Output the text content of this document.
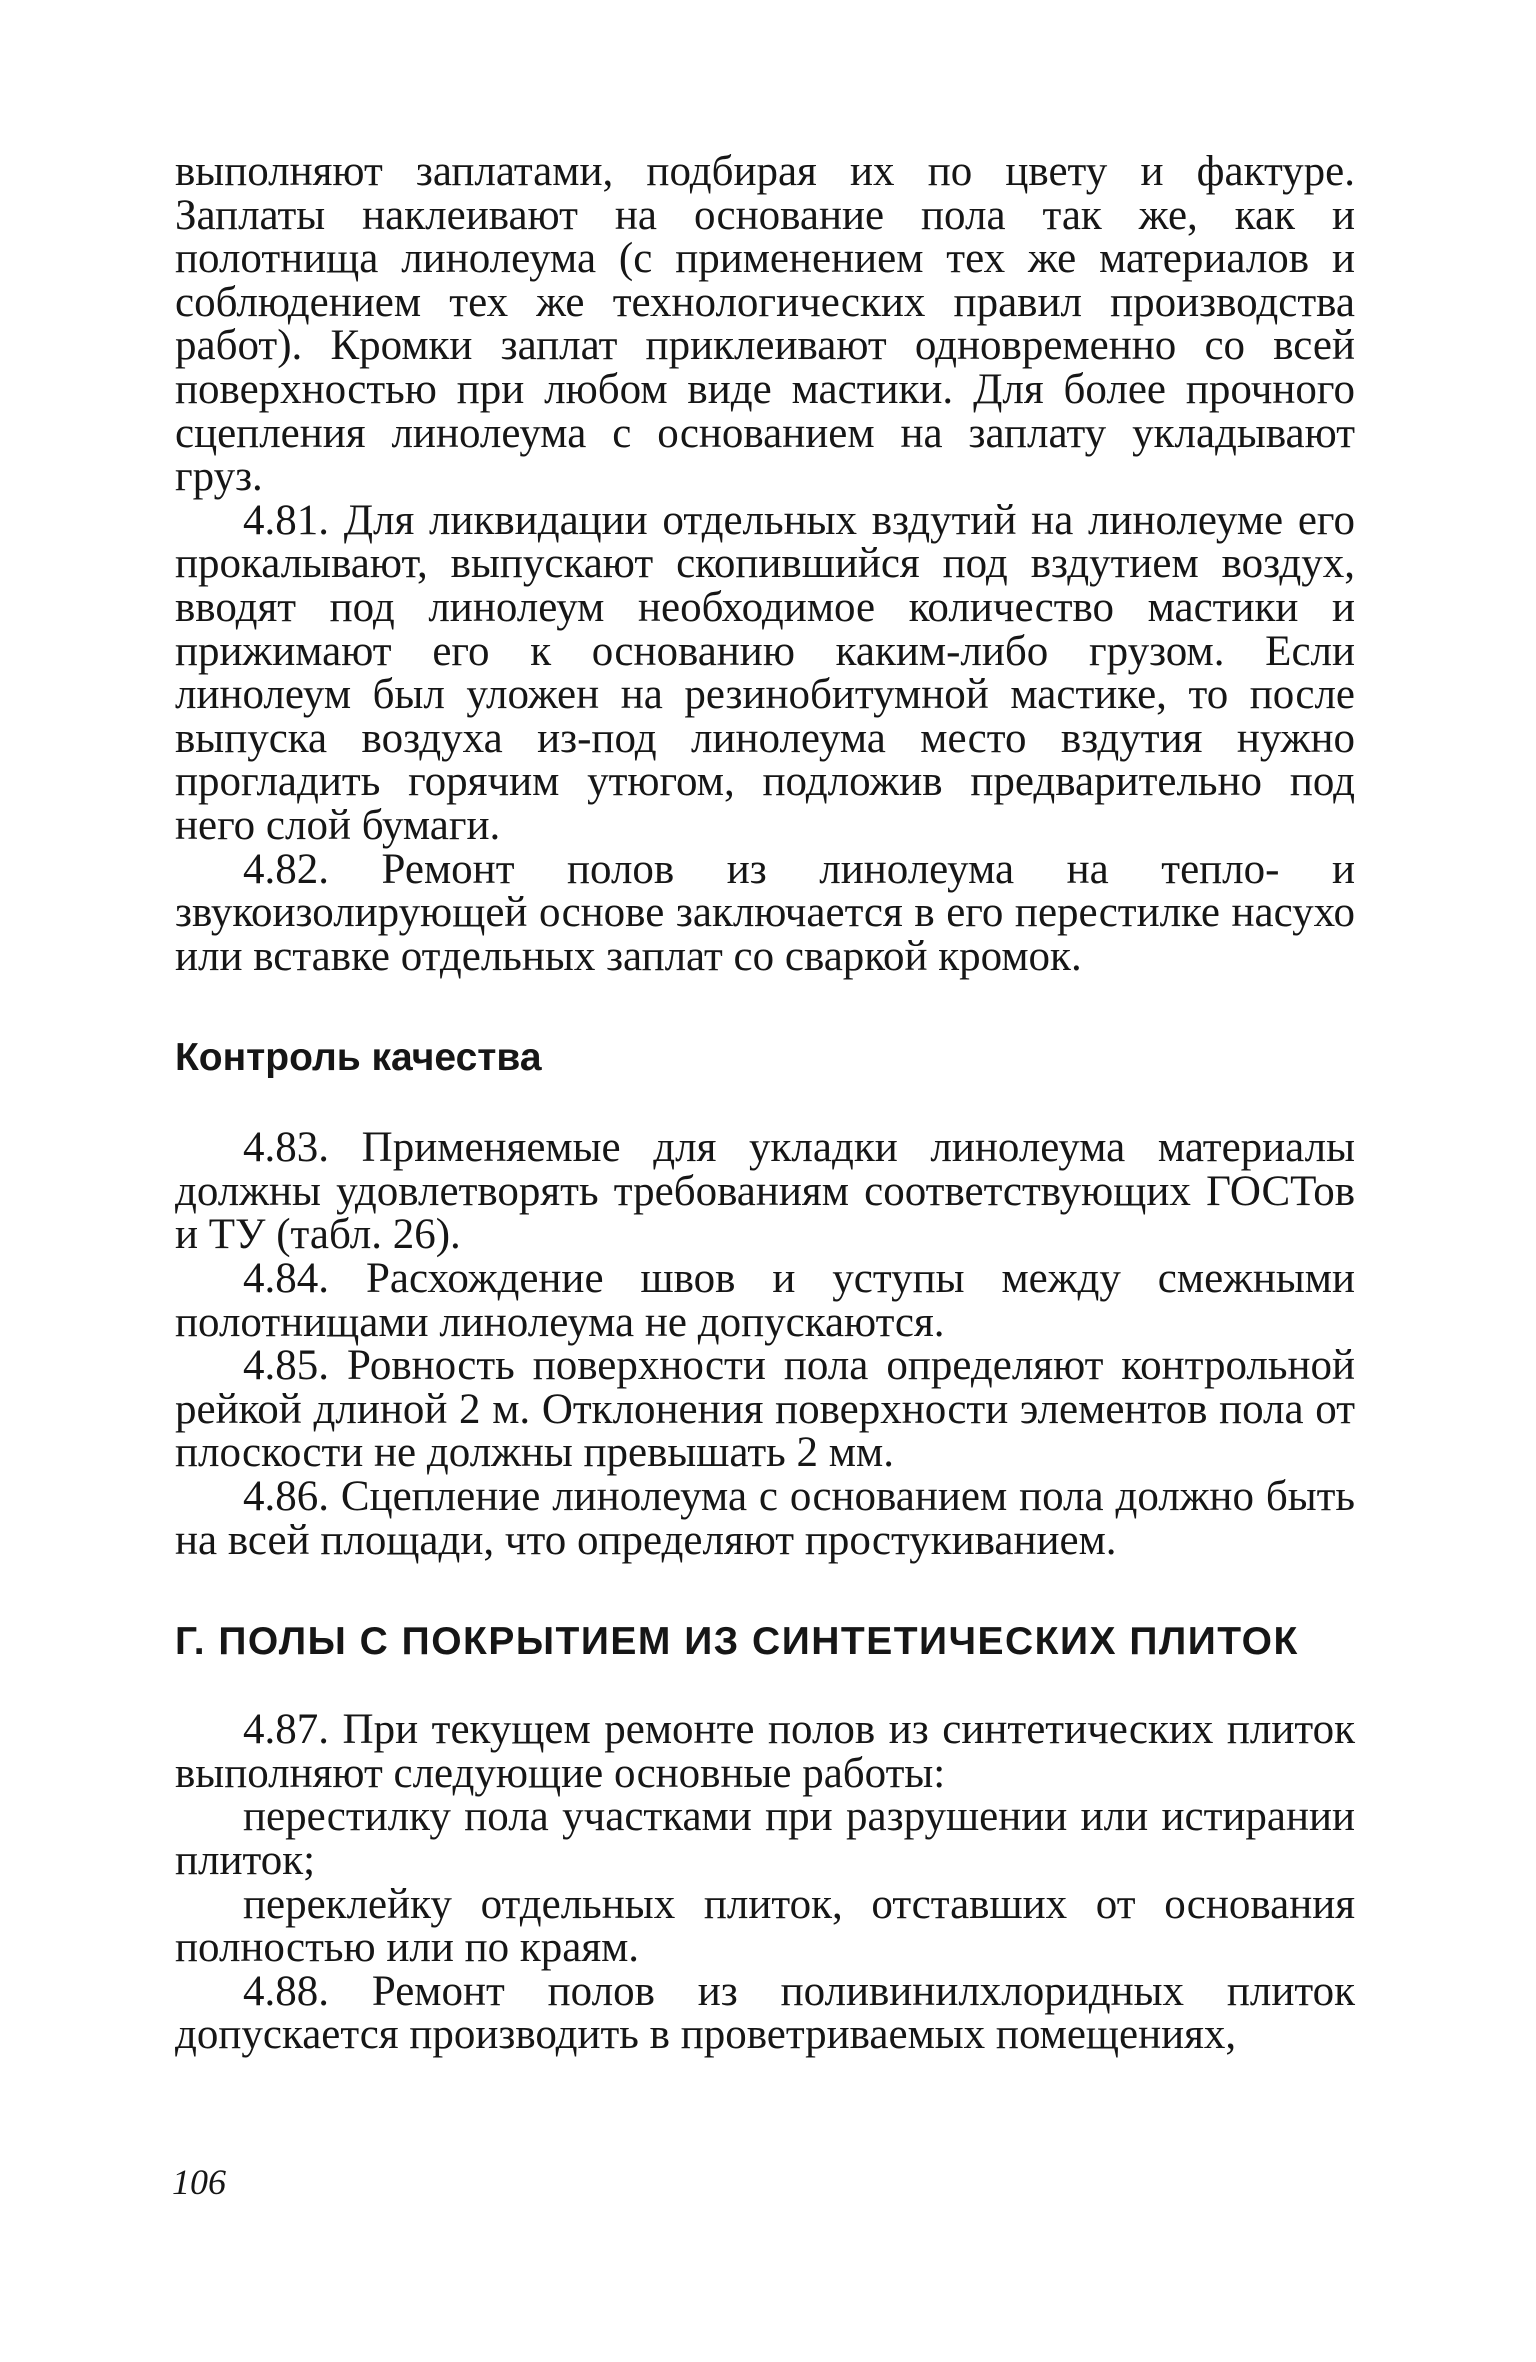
выполняют заплатами, подбирая их по цвету и фактуре. Заплаты наклеивают на основание пола так же, как и полотнища линолеума (с применением тех же материалов и соблюдением тех же технологических правил производства работ). Кромки заплат приклеивают одновременно со всей поверхностью при любом виде мастики. Для более прочного сцепления линолеума с основанием на заплату укладывают груз.

4.81. Для ликвидации отдельных вздутий на линолеуме его прокалывают, выпускают скопившийся под вздутием воздух, вводят под линолеум необходимое количество мастики и прижимают его к основанию каким-либо грузом. Если линолеум был уложен на резинобитумной мастике, то после выпуска воздуха из-под линолеума место вздутия нужно прогладить горячим утюгом, подложив предварительно под него слой бумаги.

4.82. Ремонт полов из линолеума на тепло- и звукоизолирующей основе заключается в его перестилке насухо или вставке отдельных заплат со сваркой кромок.

Контроль качества

4.83. Применяемые для укладки линолеума материалы должны удовлетворять требованиям соответствующих ГОСТов и ТУ (табл. 26).

4.84. Расхождение швов и уступы между смежными полотнищами линолеума не допускаются.

4.85. Ровность поверхности пола определяют контрольной рейкой длиной 2 м. Отклонения поверхности элементов пола от плоскости не должны превышать 2 мм.

4.86. Сцепление линолеума с основанием пола должно быть на всей площади, что определяют простукиванием.

Г. ПОЛЫ С ПОКРЫТИЕМ ИЗ СИНТЕТИЧЕСКИХ ПЛИТОК

4.87. При текущем ремонте полов из синтетических плиток выполняют следующие основные работы:

перестилку пола участками при разрушении или истирании плиток;

переклейку отдельных плиток, отставших от основания полностью или по краям.

4.88. Ремонт полов из поливинилхлоридных плиток допускается производить в проветриваемых помещениях,

106
